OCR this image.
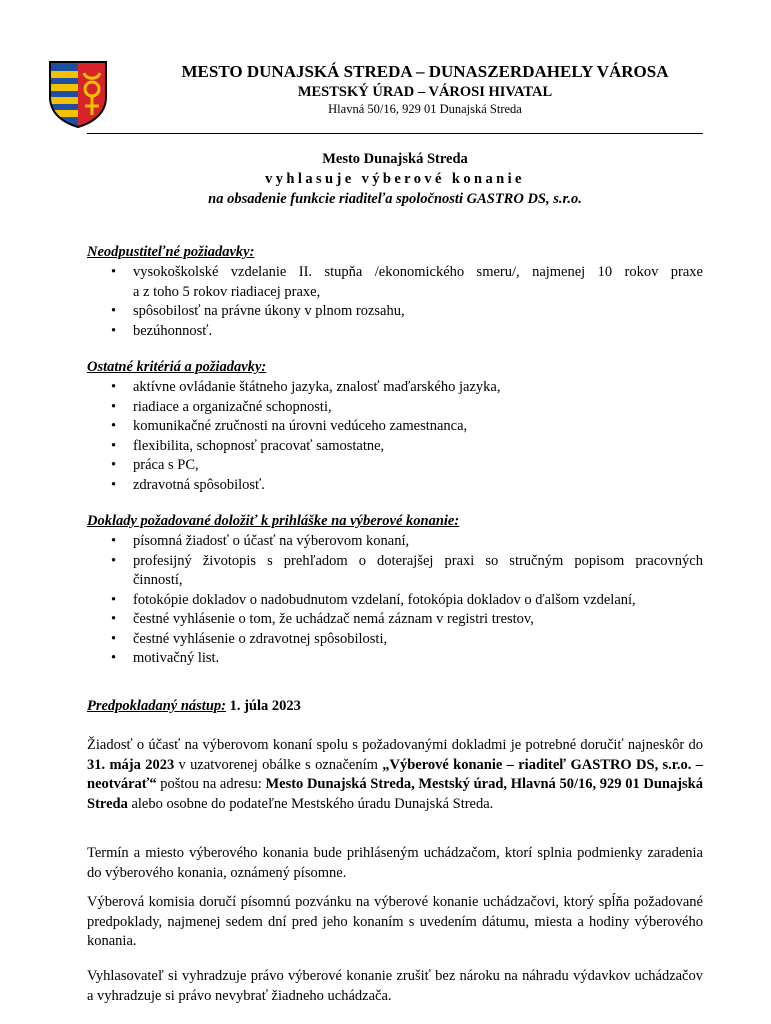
MESTO DUNAJSKÁ STREDA – DUNASZERDAHELY VÁROSA
MESTSKÝ ÚRAD – VÁROSI HIVATAL
Hlavná 50/16, 929 01 Dunajská Streda
Mesto Dunajská Streda
vyhlasuje výberové konanie
na obsadenie funkcie riaditeľa spoločnosti GASTRO DS, s.r.o.
Neodpustiteľné požiadavky:
• vysokoškolské vzdelanie II. stupňa /ekonomického smeru/, najmenej 10 rokov praxe
a z toho 5 rokov riadiacej praxe,
• spôsobilosť na právne úkony v plnom rozsahu,
• bezúhonnosť.
Ostatné kritériá a požiadavky:
• aktívne ovládanie štátneho jazyka, znalosť maďarského jazyka,
• riadiace a organizačné schopnosti,
• komunikačné zručnosti na úrovni vedúceho zamestnanca,
• flexibilita, schopnosť pracovať samostatne,
• práca s PC,
• zdravotná spôsobilosť.
Doklady požadované doložiť k prihláške na výberové konanie:
• písomná žiadosť o účasť na výberovom konaní,
• profesijný životopis s prehľadom o doterajšej praxi so stručným popisom pracovných
činností,
• fotokópie dokladov o nadobudnutom vzdelaní, fotokópia dokladov o ďalšom vzdelaní,
• čestné vyhlásenie o tom, že uchádzač nemá záznam v registri trestov,
• čestné vyhlásenie o zdravotnej spôsobilosti,
• motivačný list.
Predpokladaný nástup: 1. júla 2023
Žiadosť o účasť na výberovom konaní spolu s požadovanými dokladmi je potrebné doručiť najneskôr do 31. mája 2023 v uzatvorenej obálke s označením „Výberové konanie – riaditeľ GASTRO DS, s.r.o. – neotvárať“ poštou na adresu: Mesto Dunajská Streda, Mestský úrad, Hlavná 50/16, 929 01 Dunajská Streda alebo osobne do podateľne Mestského úradu Dunajská Streda.
Termín a miesto výberového konania bude prihláseným uchádzačom, ktorí splnia podmienky zaradenia do výberového konania, oznámený písomne.
Výberová komisia doručí písomnú pozvánku na výberové konanie uchádzačovi, ktorý spĺňa požadované predpoklady, najmenej sedem dní pred jeho konaním s uvedením dátumu, miesta a hodiny výberového konania.
Vyhlasovateľ si vyhradzuje právo výberové konanie zrušiť bez nároku na náhradu výdavkov uchádzačov a vyhradzuje si právo nevybrať žiadneho uchádzača.
